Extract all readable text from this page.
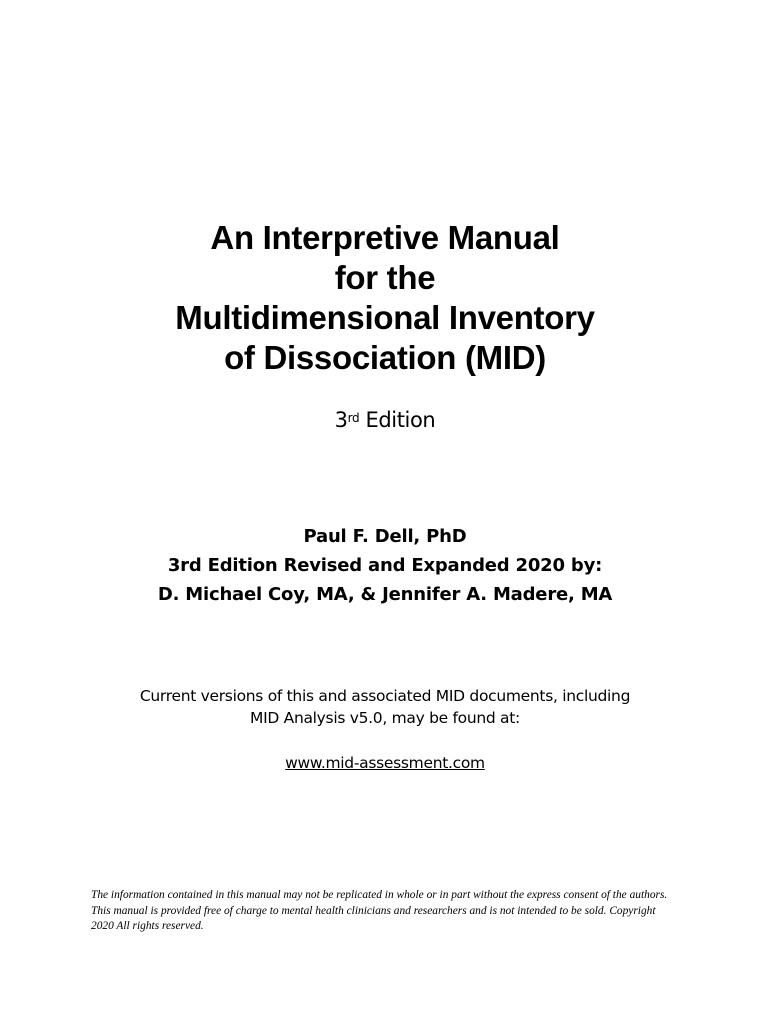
An Interpretive Manual
for the
Multidimensional Inventory
of Dissociation (MID)
3rd Edition
Paul F. Dell, PhD
3rd Edition Revised and Expanded 2020 by:
D. Michael Coy, MA, & Jennifer A. Madere, MA
Current versions of this and associated MID documents, including
MID Analysis v5.0, may be found at:
www.mid-assessment.com
The information contained in this manual may not be replicated in whole or in part without the express consent of the authors. This manual is provided free of charge to mental health clinicians and researchers and is not intended to be sold. Copyright 2020 All rights reserved.
